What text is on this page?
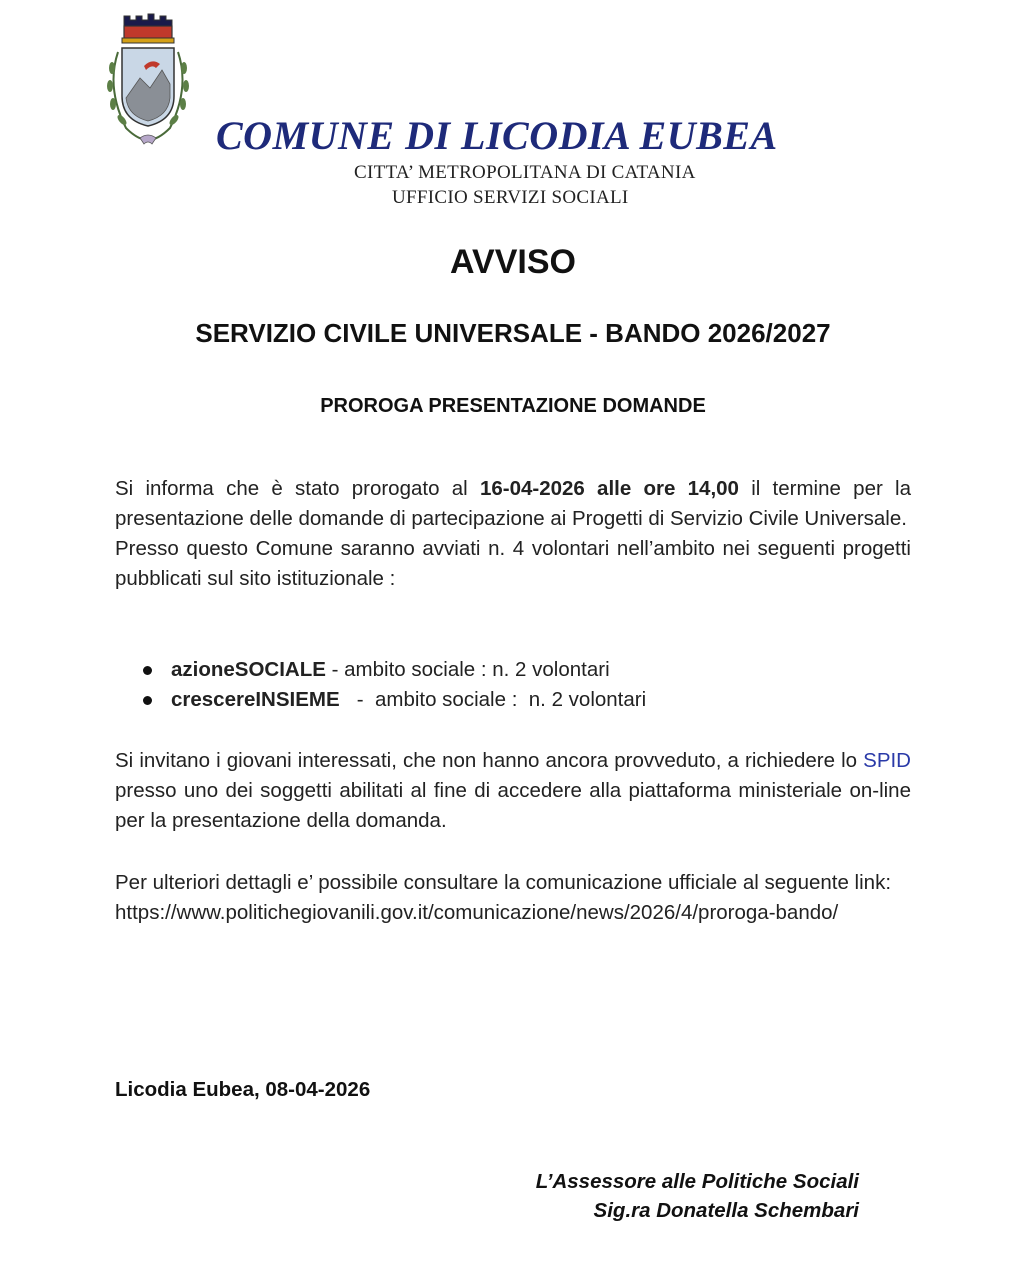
COMUNE DI LICODIA EUBEA
CITTA’ METROPOLITANA DI CATANIA
UFFICIO SERVIZI SOCIALI
AVVISO
SERVIZIO CIVILE UNIVERSALE - BANDO 2026/2027
PROROGA PRESENTAZIONE DOMANDE
Si informa che è stato prorogato al 16-04-2026 alle ore 14,00 il termine per la presentazione delle domande di partecipazione ai Progetti di Servizio Civile Universale.
Presso questo Comune saranno avviati n. 4 volontari nell’ambito nei seguenti progetti pubblicati sul sito istituzionale :
azioneSOCIALE - ambito sociale : n. 2 volontari
crescereINSIEME   -  ambito sociale :  n. 2 volontari

Si invitano i giovani interessati, che non hanno ancora provveduto, a richiedere lo SPID presso uno dei soggetti abilitati al fine di accedere alla piattaforma ministeriale on-line per la presentazione della domanda.

Per ulteriori dettagli e’ possibile consultare la comunicazione ufficiale al seguente link:
https://www.politichegiovanili.gov.it/comunicazione/news/2026/4/proroga-bando/

Licodia Eubea, 08-04-2026

L’Assessore alle Politiche Sociali

Sig.ra Donatella Schembari
